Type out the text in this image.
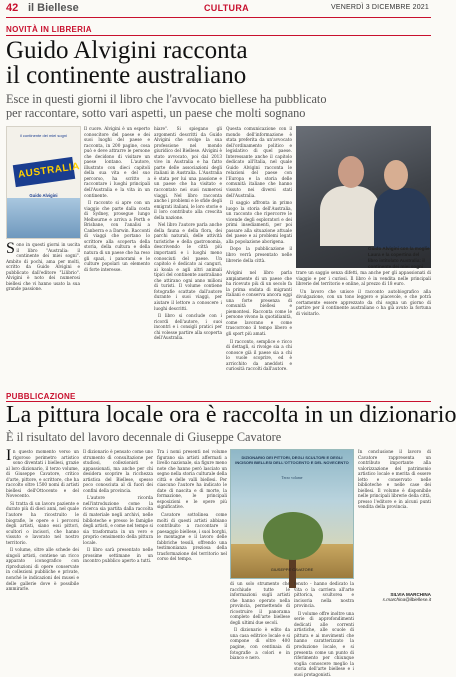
42 il Biellese	CULTURA	VENERDÌ 3 DICEMBRE 2021
NOVITÀ IN LIBRERIA
Guido Alvigini racconta
il continente australiano
Esce in questi giorni il libro che l'avvocato biellese ha pubblicato
per raccontare, sotto vari aspetti, un paese che molti sognano
il continente dei miei sogni
AUSTRALIA
Guido Alvigini

Sono in questi giorni in uscita il libro "Australia: il continente dei miei sogni". Ambito di pochi, ama per molti, scritto da Guido Alvigini e pubblicato dall'editore "Lilibrio". Alvigini è noto dei numerosi biellesi che vi hanno usato la sua grande passione.

Il cuore. Alvigini è un esperto conoscitore del paese e dei suoi luoghi del paese e racconta, in 200 pagine, cosa può e deve attrarre le persone che decidono di visitare un paese lontano. L'autore, illustrato con dieci capitoli della sua vita e del suo percorso, ha scritto a raccontare i luoghi principali dell'Australia e la vita in un continente.

Il racconto si apre con un viaggio che parte dalla costa di Sydney, prosegue lungo Melbourne e arriva a Perth e Brisbane, con l'analisi a Canberra e a Darwin. Racconti di viaggi che portano lo scrittore alla scoperta della storia, della cultura e della natura di un paese che ha reso gli spazi, i panorami e le culture popolari un elemento di forte interesse.

hiare". Si spiegano gli argomenti descritti da Guido Alvigini che svolge la sua professione nel mondo giuridico del Biellese. Alvigini è stato avvocato, poi dal 2013 vive in Australia e ha fatto parte delle associazioni degli italiani in Australia. L'Australia è stata per lui una passione e un paese che ha visitato e raccontato nei suoi numerosi viaggi. Nel libro racconta anche i problemi e le sfide degli emigrati italiani, le loro storie e il loro contributo alla crescita della nazione.

Nel libro l'autore parla anche della fauna e della flora, dei parchi naturali, delle attività turistiche e della gastronomia, descrivendo le città più importanti e i luoghi meno conosciuti del paese. Un capitolo è dedicato ai canguri, ai koala e agli altri animali tipici del continente australiano che attirano ogni anno milioni di turisti. Il volume contiene fotografie scattate dall'autore durante i suoi viaggi, per aiutare il lettore a conoscere i luoghi descritti.

Il libro si conclude con i ricordi dell'autore, i suoi incontri e i consigli pratici per chi volesse partire alla scoperta dell'Australia.

Questa comunicazione con il mondo dell'informazione è stata preferita da un'avvocato dell'ordinamento politico e legislativo di quel paese. Interessante anche il capitolo dedicato all'Italia, nel quale Guido Alvigini racconta le relazioni del paese con l'Europa e la storia delle comunità italiane che hanno vissuto nei diversi stati dell'Australia.

Il saggio affronta in primo luogo la storia dell'Australia, un racconto che ripercorre le vicende degli esploratori e dei primi insediamenti, per poi passare alla situazione attuale del paese e ai problemi legati alla popolazione aborigena.

Dopo la pubblicazione il libro verrà presentato nelle librerie della città.

Guido Alvigini con la moglie Laura e la copertina del libro intitolato Australia: il continente dei miei sogni

Alvigini nel libro parla ampiamente di un paese che ha ricevuto più di un secolo fa la prima ondata di migranti italiani e conserva ancora oggi una forte presenza di comunità biellesi e piemontesi. Racconta come le persone vivono la quotidianità, come lavorano e come trascorrono il tempo libero e gli sport più amati.

Il racconto, semplice e ricco di dettagli, si rivolge sia a chi conosce già il paese sia a chi lo vuole scoprire, ed è arricchito da aneddoti e curiosità raccolti dall'autore.

trare un saggio senza difetti, ma anche per gli appassionati di viaggio e per i curiosi. Il libro è in vendita nelle principali librerie del territorio e online, al prezzo di 18 euro.

Un lavoro che unisce il racconto autobiografico alla divulgazione, con un tono leggero e piacevole, e che potrà certamente essere apprezzato da chi sogna un giorno di partire per il continente australiano o ha già avuto la fortuna di visitarlo.

PUBBLICAZIONE
La pittura locale ora è raccolta in un dizionario
È il risultato del lavoro decennale di Giuseppe Cavatore

In questo momento verso un rigoroso perimetro artistico sono diventati i biellesi, grazie al loro dizionario, il terzo volume, di Giuseppe Cavatore, critico d'arte, pittore, e scrittore, che ha raccolto oltre 1500 nomi di artisti biellesi dell'Ottocento e del Novecento.

Si tratta di un lavoro paziente e durato più di dieci anni, nel quale l'autore ha ricostruito le biografie, le opere e i percorsi degli artisti, siano essi pittori, scultori o incisori, che hanno vissuto e lavorato nel nostro territorio.

Il volume, oltre alle schede dei singoli artisti, contiene un ricco apparato iconografico con riproduzioni di opere conservate in collezioni pubbliche e private, nonché le indicazioni dei musei e delle gallerie dove è possibile ammirarle.

Il dizionario è pensato come uno strumento di consultazione per studiosi, collezionisti e appassionati, ma anche per chi desidera scoprire la ricchezza artistica del Biellese, spesso poco conosciuta al di fuori dei confini della provincia.

L'autore ricorda nell'introduzione come la ricerca sia partita dalla raccolta di materiale negli archivi, nelle biblioteche e presso le famiglie degli artisti, e come nel tempo si sia trasformata in un vero e proprio censimento della pittura locale.

Il libro sarà presentato nelle prossime settimane in un incontro pubblico aperto a tutti.

Tra i nomi presenti nel volume figurano sia artisti affermati a livello nazionale, sia figure meno note che hanno però lasciato un segno nella storia culturale della città e delle valli biellesi. Per ciascuno l'autore ha indicato le date di nascita e di morte, la formazione, le principali esposizioni e le opere più significative.

Cavatore sottolinea come molti di questi artisti abbiano contribuito a raccontare il paesaggio biellese, i suoi borghi, le montagne e il lavoro delle fabbriche tessili, offrendo una testimonianza preziosa della trasformazione del territorio nel corso del tempo.

DIZIONARIO DEI PITTORI, DEGLI SCULTORI E DEGLI INCISORI BIELLESI DELL'OTTOCENTO E DEL NOVECENTO
Terzo volume
GIUSEPPE CAVATORE

di un solo strumento che racchiude tutte le informazioni sugli artisti che hanno operato nella provincia, permettendo di ricostruire il panorama completo dell'arte biellese degli ultimi due secoli.

Il dizionario è edito da una casa editrice locale e si compone di oltre 400 pagine, con centinaia di fotografie a colori e in bianco e nero.

tenuto - hanno dedicato la vita o la carriera all'arte pittorica, scultorea e incisoria nella nostra provincia.

Il volume offre inoltre una serie di approfondimenti dedicati alle correnti artistiche, alle scuole di pittura e ai movimenti che hanno caratterizzato la produzione locale, e si presenta come un punto di riferimento per chiunque voglia conoscere meglio la storia dell'arte biellese e i suoi protagonisti.

In conclusione il lavoro di Cavatore rappresenta un contributo importante alla valorizzazione del patrimonio artistico locale e merita di essere letto e conservato nelle biblioteche e nelle case dei biellesi. Il volume è disponibile nelle principali librerie della città, presso l'editore e in alcuni punti vendita della provincia.

SILVIA MARCHINA
s.marchina@ilbiellese.it
